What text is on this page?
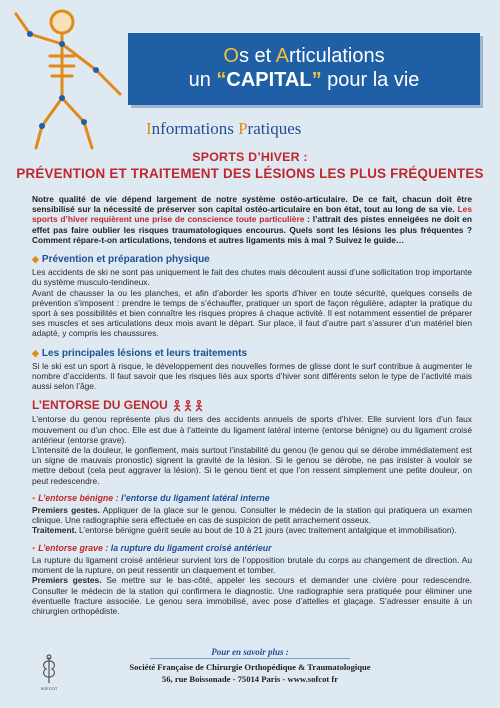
Os et Articulations
un “CAPITAL” pour la vie
Informations Pratiques
SPORTS D’HIVER :
PRÉVENTION ET TRAITEMENT DES LÉSIONS LES PLUS FRÉQUENTES

Notre qualité de vie dépend largement de notre système ostéo-articulaire. De ce fait, chacun doit être sensibilisé sur la nécessité de préserver son capital ostéo-articulaire en bon état, tout au long de sa vie. Les sports d’hiver requièrent une prise de conscience toute particulière : l’attrait des pistes enneigées ne doit en effet pas faire oublier les risques traumatologiques encourus. Quels sont les lésions les plus fréquentes ? Comment répare-t-on articulations, tendons et autres ligaments mis à mal ? Suivez le guide…

◆ Prévention et préparation physique

Les accidents de ski ne sont pas uniquement le fait des chutes mais découlent aussi d’une sollicitation trop importante du système musculo-tendineux.

Avant de chausser la ou les planches, et afin d’aborder les sports d’hiver en toute sécurité, quelques conseils de prévention s’imposent : prendre le temps de s’échauffer, pratiquer un sport de façon régulière, adapter la pratique du sport à ses possibilités et bien connaître les risques propres à chaque activité. Il est notamment essentiel de préparer ses muscles et ses articulations deux mois avant le départ. Sur place, il faut d’autre part s’assurer d’un matériel bien adapté, y compris les chaussures.

◆ Les principales lésions et leurs traitements

Si le ski est un sport à risque, le développement des nouvelles formes de glisse dont le surf contribue à augmenter le nombre d’accidents. Il faut savoir que les risques liés aux sports d’hiver sont différents selon le type de l’activité mais aussi selon l’âge.

L’ENTORSE DU GENOU

L’entorse du genou représente plus du tiers des accidents annuels de sports d’hiver. Elle survient lors d’un faux mouvement ou d’un choc. Elle est due à l’atteinte du ligament latéral interne (entorse bénigne) ou du ligament croisé antérieur (entorse grave).

L’intensité de la douleur, le gonflement, mais surtout l’instabilité du genou (le genou qui se dérobe immédiatement est un signe de mauvais pronostic) signent la gravité de la lésion. Si le genou se dérobe, ne pas insister à vouloir se mettre debout (cela peut aggraver la lésion). Si le genou tient et que l’on ressent simplement une petite douleur, on peut redescendre.

• L’entorse bénigne : l’entorse du ligament latéral interne

Premiers gestes. Appliquer de la glace sur le genou. Consulter le médecin de la station qui pratiquera un examen clinique. Une radiographie sera effectuée en cas de suspicion de petit arrachement osseux.

Traitement. L’entorse bénigne guérit seule au bout de 10 à 21 jours (avec traitement antalgique et immobilisation).

• L’entorse grave : la rupture du ligament croisé antérieur

La rupture du ligament croisé antérieur survient lors de l’opposition brutale du corps au changement de direction. Au moment de la rupture, on peut ressentir un claquement et tomber.

Premiers gestes. Se mettre sur le bas-côté, appeler les secours et demander une civière pour redescendre. Consulter le médecin de la station qui confirmera le diagnostic. Une radiographie sera pratiquée pour éliminer une éventuelle fracture associée. Le genou sera immobilisé, avec pose d’attelles et glaçage. S’adresser ensuite à un chirurgien orthopédiste.

Pour en savoir plus :
Société Française de Chirurgie Orthopédique & Traumatologique
56, rue Boissonade - 75014 Paris - www.sofcot fr
SOFCOT
